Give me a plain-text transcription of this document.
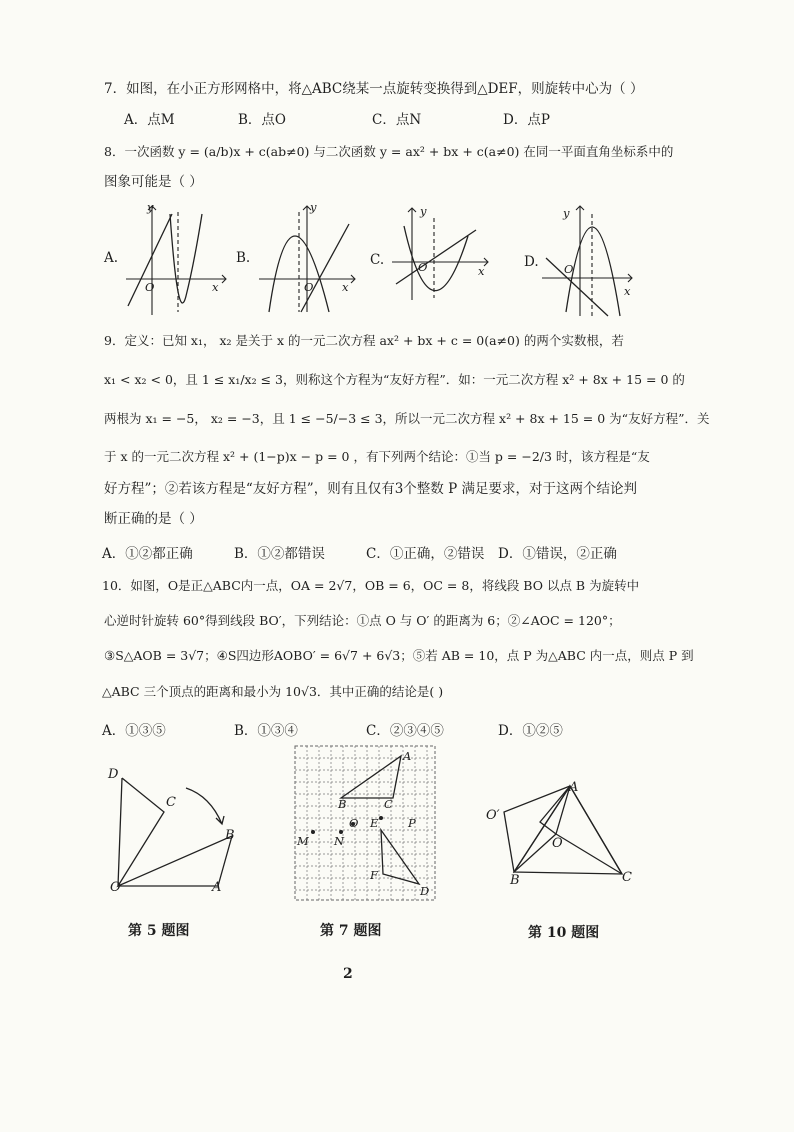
7．如图，在小正方形网格中，将△ABC绕某一点旋转变换得到△DEF，则旋转中心为（ ）
A．点M	B．点O	C．点N	D．点P
8．一次函数 y = (a/b)x + c(ab≠0) 与二次函数 y = ax² + bx + c(a≠0) 在同一平面直角坐标系中的
图象可能是（ ）
A.	B.	C.	D.
y
x
O
y
x
O
y
x
O
y
x
O
9．定义：已知 x₁， x₂ 是关于 x 的一元二次方程 ax² + bx + c = 0(a≠0) 的两个实数根，若
x₁ < x₂ < 0，且 1 ≤ x₁/x₂ ≤ 3，则称这个方程为“友好方程”．如：一元二次方程 x² + 8x + 15 = 0 的
两根为 x₁ = −5， x₂ = −3，且 1 ≤ −5/−3 ≤ 3，所以一元二次方程 x² + 8x + 15 = 0 为“友好方程”．关
于 x 的一元二次方程 x² + (1−p)x − p = 0 ，有下列两个结论：①当 p = −2/3 时，该方程是“友
好方程”；②若该方程是“友好方程”，则有且仅有3个整数 P 满足要求，对于这两个结论判
断正确的是（ ）
A．①②都正确	B．①②都错误	C．①正确，②错误 D．①错误，②正确
10．如图，O是正△ABC内一点，OA = 2√7，OB = 6，OC = 8，将线段 BO 以点 B 为旋转中
心逆时针旋转 60°得到线段 BO′，下列结论：①点 O 与 O′ 的距离为 6；②∠AOC = 120°；
③S△AOB = 3√7；④S四边形AOBO′ = 6√7 + 6√3；⑤若 AB = 10，点 P 为△ABC 内一点，则点 P 到
△ABC 三个顶点的距离和最小为 10√3．其中正确的结论是( )
A．①③⑤	B．①③④	C．②③④⑤	D．①②⑤
D
C
B
O	A
第 5 题图
A
B	C
O E	P
M N
F
D
第 7 题图
O′
A
O
B	C
第 10 题图
2
